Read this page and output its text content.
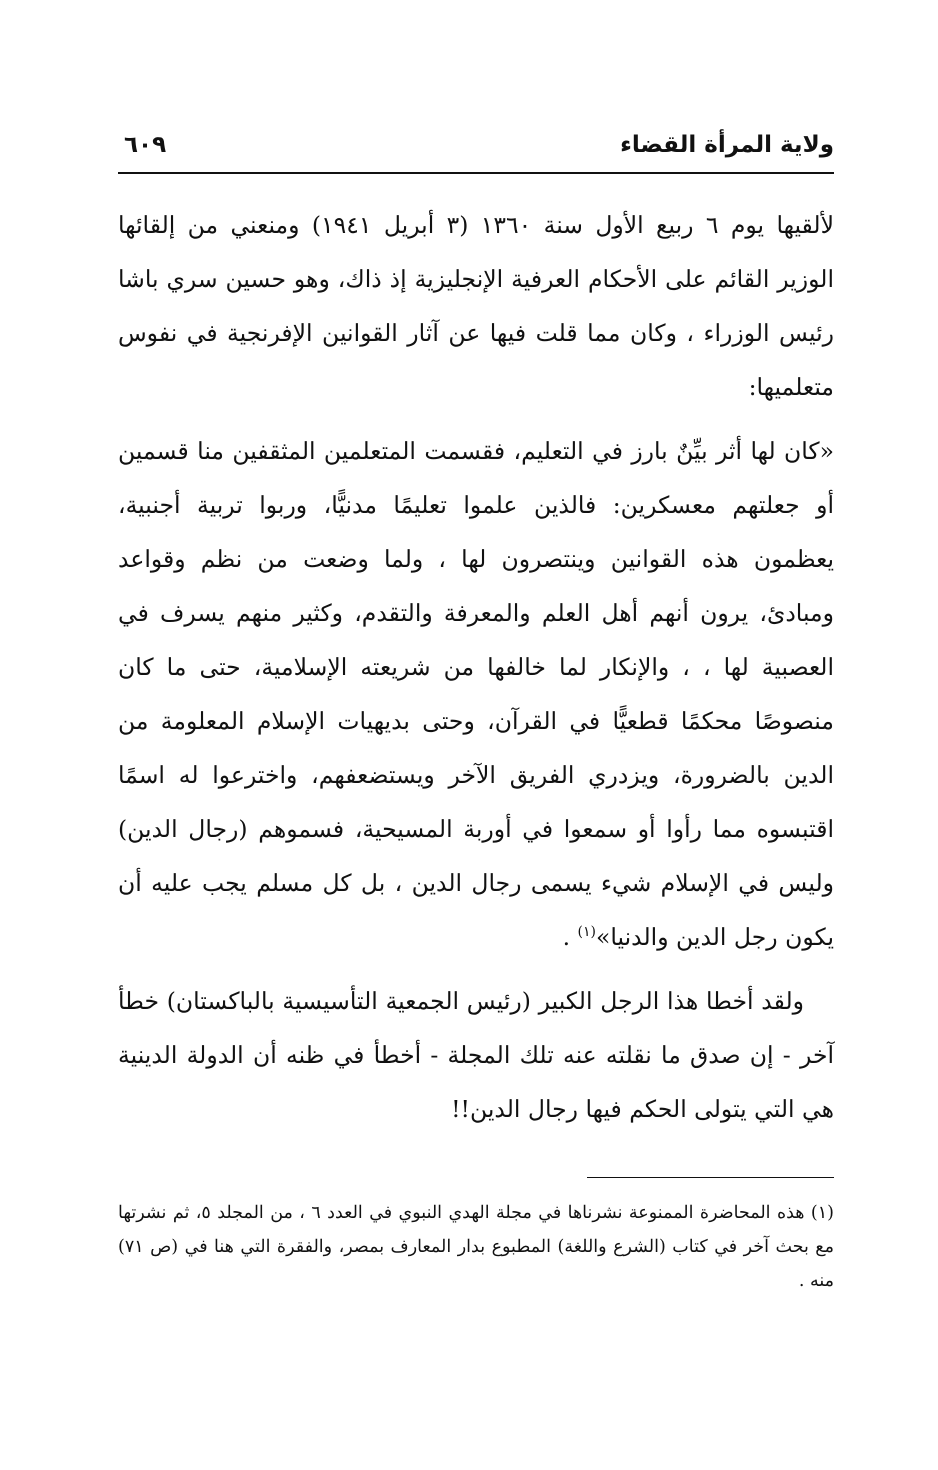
ولاية المرأة القضاء
٦٠٩

لألقيها يوم ٦ ربيع الأول سنة ١٣٦٠ (٣ أبريل ١٩٤١) ومنعني من إلقائها الوزير القائم على الأحكام العرفية الإنجليزية إذ ذاك، وهو حسين سري باشا رئيس الوزراء ، وكان مما قلت فيها عن آثار القوانين الإفرنجية في نفوس متعلميها:

«كان لها أثر بيِّنٌ بارز في التعليم، فقسمت المتعلمين المثقفين منا قسمين أو جعلتهم معسكرين: فالذين علموا تعليمًا مدنيًّا، وربوا تربية أجنبية، يعظمون هذه القوانين وينتصرون لها ، ولما وضعت من نظم وقواعد ومبادئ، يرون أنهم أهل العلم والمعرفة والتقدم، وكثير منهم يسرف في العصبية لها ، ، والإنكار لما خالفها من شريعته الإسلامية، حتى ما كان منصوصًا محكمًا قطعيًّا في القرآن، وحتى بديهيات الإسلام المعلومة من الدين بالضرورة، ويزدري الفريق الآخر ويستضعفهم، واخترعوا له اسمًا اقتبسوه مما رأوا أو سمعوا في أوربة المسيحية، فسموهم (رجال الدين) وليس في الإسلام شيء يسمى رجال الدين ، بل كل مسلم يجب عليه أن يكون رجل الدين والدنيا»$^{(١)}$ .

ولقد أخطا هذا الرجل الكبير (رئيس الجمعية التأسيسية بالباكستان) خطأ آخر - إن صدق ما نقلته عنه تلك المجلة - أخطأ في ظنه أن الدولة الدينية هي التي يتولى الحكم فيها رجال الدين!!

(١) هذه المحاضرة الممنوعة نشرناها في مجلة الهدي النبوي في العدد ٦ ، من المجلد ٥، ثم نشرتها مع بحث آخر في كتاب (الشرع واللغة) المطبوع بدار المعارف بمصر، والفقرة التي هنا في (ص ٧١) منه .
